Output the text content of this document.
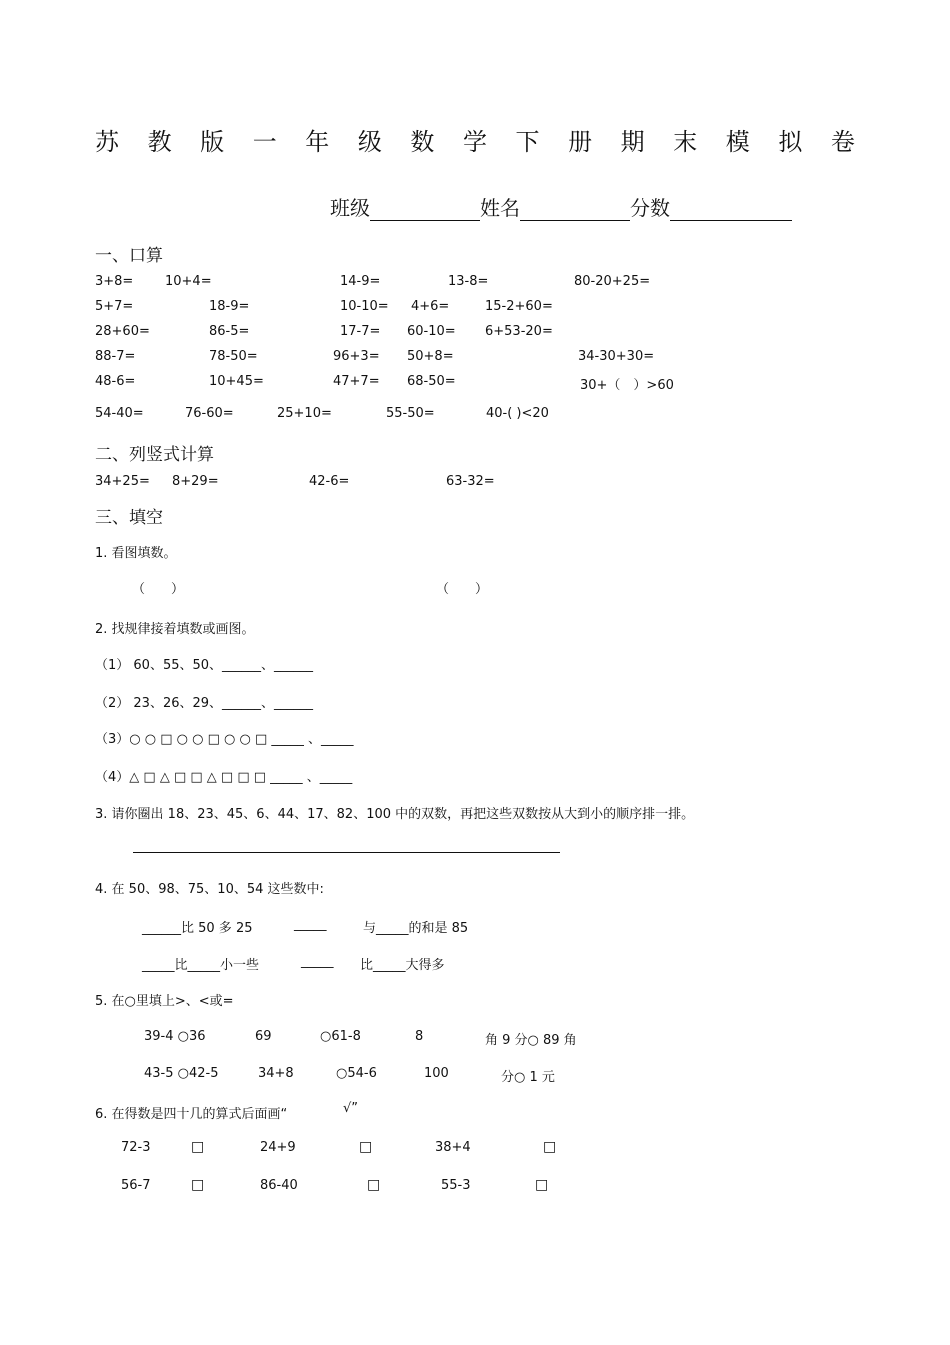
苏 教 版 一 年 级 数 学 下 册 期 末 模 拟 卷
班级	姓名	分数
一、口算
3+8= 10+4=	14-9=	13-8=	80-20+25=
5+7=	18-9=	10-10= 4+6=	15-2+60=
28+60=	86-5=	17-7= 60-10= 6+53-20=
88-7=	78-50=	96+3= 50+8=	34-30+30=
48-6=	10+45=	47+7= 68-50=	30+（　）>60
54-40=	76-60=	25+10=	55-50=	40-( )<20
二、列竖式计算
34+25= 8+29=	42-6=	63-32=
三、填空
1. 看图填数。
（　　）	（　　）
2. 找规律接着填数或画图。
（1） 60、55、50、______、______
（2） 23、26、29、______、______
（3）○ ○ □ ○ ○ □ ○ ○ □ _____ 、_____
（4）△ □ △ □ □ △ □ □ □ _____ 、_____
3. 请你圈出 18、23、45、6、44、17、82、100 中的双数，再把这些双数按从大到小的顺序排一排。
4. 在 50、98、75、10、54 这些数中:
______比 50 多 25	_____	与_____的和是 85
_____比_____小一些	_____ 比_____大得多
5. 在○里填上>、<或=
39-4 ○36	69	○61-8	8	角 9 分○ 89 角
43-5 ○42-5	34+8	○54-6	100	分○ 1 元
6. 在得数是四十几的算式后面画“	√”
72-3	□	24+9	□	38+4	□
56-7	□	86-40	□	55-3	□
